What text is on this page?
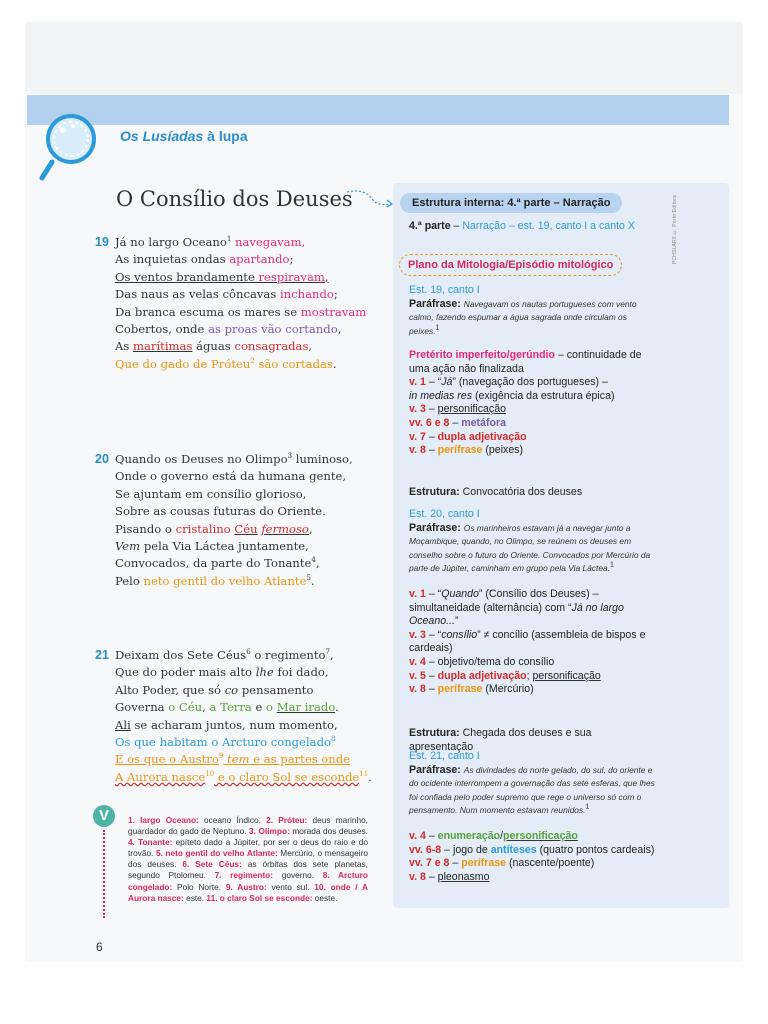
Os Lusíadas à lupa
O Consílio dos Deuses
19 Já no largo Oceano$^1$ navegavam,
As inquietas ondas apartando;
Os ventos brandamente respiravam,
Das naus as velas côncavas inchando;
Da branca escuma os mares se mostravam
Cobertos, onde as proas vão cortando,
As marítimas águas consagradas,
Que do gado de Próteu$^2$ são cortadas.
20 Quando os Deuses no Olimpo$^3$ luminoso,
Onde o governo está da humana gente,
Se ajuntam em consílio glorioso,
Sobre as cousas futuras do Oriente.
Pisando o cristalino Céu fermoso,
Vem pela Via Láctea juntamente,
Convocados, da parte do Tonante$^4$,
Pelo neto gentil do velho Atlante$^5$.
21 Deixam dos Sete Céus$^6$ o regimento$^7$,
Que do poder mais alto lhe foi dado,
Alto Poder, que só co pensamento
Governa o Céu, a Terra e o Mar irado.
Ali se acharam juntos, num momento,
Os que habitam o Arcturo congelado$^8$
E os que o Austro$^9$ tem e as partes onde
A Aurora nasce$^{10}$ e o claro Sol se esconde$^{11}$.
V	1. largo Oceano: oceano Índico. 2. Próteu: deus marinho, guardador do gado de Neptuno. 3. Olimpo: morada dos deuses. 4. Tonante: epíteto dado a Júpiter, por ser o deus do raio e do trovão. 5. neto gentil do velho Atlante: Mercúrio, o mensageiro dos deuses. 6. Sete Céus: as órbitas dos sete planetas, segundo Ptolomeu. 7. regimento: governo. 8. Arcturo congelado: Polo Norte. 9. Austro: vento sul. 10. onde / A Aurora nasce: este. 11. o claro Sol se esconde: oeste.
6
PCHSLAR8 © Porto Editora
Estrutura interna: 4.ª parte – Narração
4.ª parte – Narração – est. 19, canto I a canto X
Plano da Mitologia/Episódio mitológico
Est. 19, canto I
Paráfrase: Navegavam os nautas portugueses com vento calmo, fazendo espumar a água sagrada onde circulam os peixes.$^1$
Pretérito imperfeito/gerúndio – continuidade de uma ação não finalizada
v. 1 – “Já” (navegação dos portugueses) –
in medias res (exigência da estrutura épica)
v. 3 – personificação
vv. 6 e 8 – metáfora
v. 7 – dupla adjetivação
v. 8 – perífrase (peixes)
Estrutura: Convocatória dos deuses
Est. 20, canto I
Paráfrase: Os marinheiros estavam já a navegar junto a Moçambique, quando, no Olimpo, se reúnem os deuses em conselho sobre o futuro do Oriente. Convocados por Mercúrio da parte de Júpiter, caminham em grupo pela Via Láctea.$^1$
v. 1 – “Quando” (Consílio dos Deuses) – simultaneidade (alternância) com “Já no largo Oceano...”
v. 3 – “consílio” ≠ concílio (assembleia de bispos e cardeais)
v. 4 – objetivo/tema do consílio
v. 5 – dupla adjetivação; personificação
v. 8 – perífrase (Mercúrio)
Estrutura: Chegada dos deuses e sua apresentação
Est. 21, canto I
Paráfrase: As divindades do norte gelado, do sul, do oriente e do ocidente interrompem a governação das sete esferas, que lhes foi confiada pelo poder supremo que rege o universo só com o pensamento. Num momento estavam reunidos.$^1$
v. 4 – enumeração/personificação
vv. 6-8 – jogo de antíteses (quatro pontos cardeais)
vv. 7 e 8 – perífrase (nascente/poente)
v. 8 – pleonasmo
